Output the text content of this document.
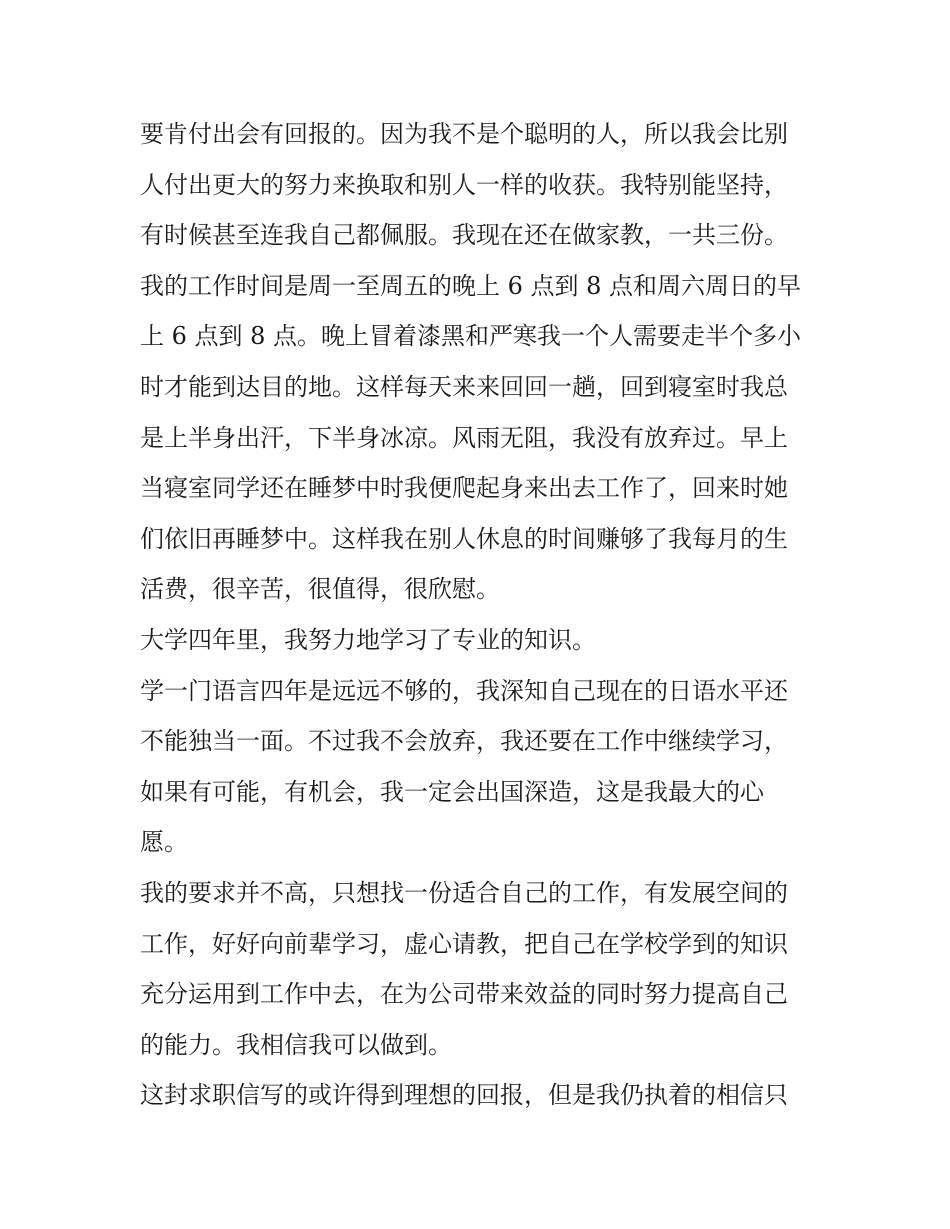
要肯付出会有回报的。因为我不是个聪明的人，所以我会比别
人付出更大的努力来换取和别人一样的收获。我特别能坚持，
有时候甚至连我自己都佩服。我现在还在做家教，一共三份。
我的工作时间是周一至周五的晚上 6 点到 8 点和周六周日的早
上 6 点到 8 点。晚上冒着漆黑和严寒我一个人需要走半个多小
时才能到达目的地。这样每天来来回回一趟，回到寝室时我总
是上半身出汗，下半身冰凉。风雨无阻，我没有放弃过。早上
当寝室同学还在睡梦中时我便爬起身来出去工作了，回来时她
们依旧再睡梦中。这样我在别人休息的时间赚够了我每月的生
活费，很辛苦，很值得，很欣慰。
大学四年里，我努力地学习了专业的知识。
学一门语言四年是远远不够的，我深知自己现在的日语水平还
不能独当一面。不过我不会放弃，我还要在工作中继续学习，
如果有可能，有机会，我一定会出国深造，这是我最大的心
愿。
我的要求并不高，只想找一份适合自己的工作，有发展空间的
工作，好好向前辈学习，虚心请教，把自己在学校学到的知识
充分运用到工作中去，在为公司带来效益的同时努力提高自己
的能力。我相信我可以做到。
这封求职信写的或许得到理想的回报，但是我仍执着的相信只
